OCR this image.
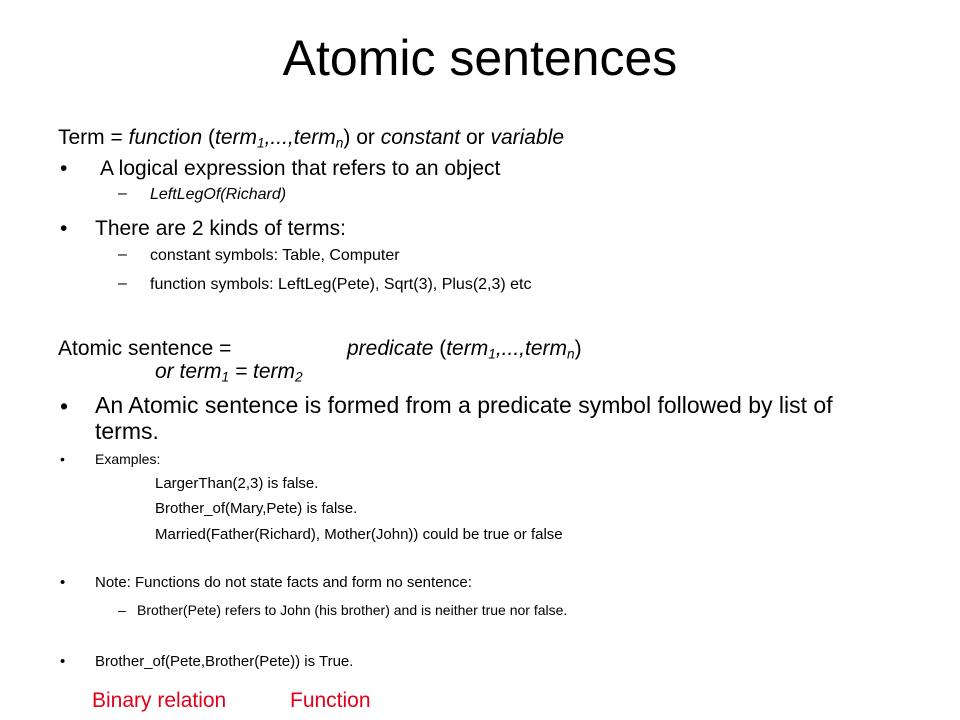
Atomic sentences
Term = function (term$_1$,...,term$_n$) or constant or variable
• A logical expression that refers to an object
– LeftLegOf(Richard)
• There are 2 kinds of terms:
– constant symbols: Table, Computer
– function symbols: LeftLeg(Pete), Sqrt(3), Plus(2,3) etc
Atomic sentence =	predicate (term$_1$,...,term$_n$)
or term$_1$ = term$_2$
• An Atomic sentence is formed from a predicate symbol followed by list of
terms.
• Examples:
LargerThan(2,3) is false.
Brother_of(Mary,Pete) is false.
Married(Father(Richard), Mother(John)) could be true or false
• Note: Functions do not state facts and form no sentence:
– Brother(Pete) refers to John (his brother) and is neither true nor false.
• Brother_of(Pete,Brother(Pete)) is True.
Binary relation	Function
